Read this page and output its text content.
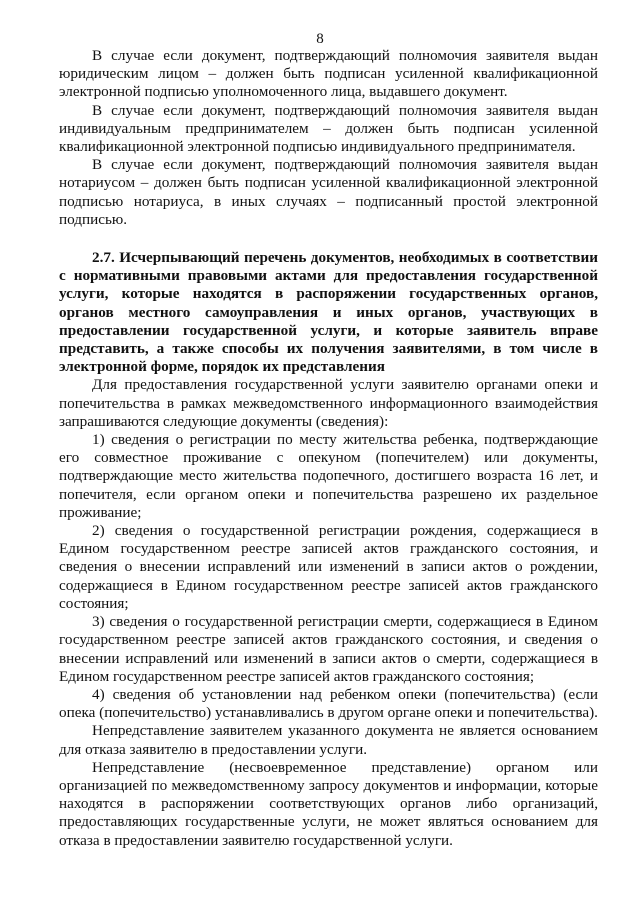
8

В случае если документ, подтверждающий полномочия заявителя выдан юридическим лицом – должен быть подписан усиленной квалификационной электронной подписью уполномоченного лица, выдавшего документ.

В случае если документ, подтверждающий полномочия заявителя выдан индивидуальным предпринимателем – должен быть подписан усиленной квалификационной электронной подписью индивидуального предпринимателя.

В случае если документ, подтверждающий полномочия заявителя выдан нотариусом – должен быть подписан усиленной квалификационной электронной подписью нотариуса, в иных случаях – подписанный простой электронной подписью.

2.7. Исчерпывающий перечень документов, необходимых в соответствии с нормативными правовыми актами для предоставления государственной услуги, которые находятся в распоряжении государственных органов, органов местного самоуправления и иных органов, участвующих в предоставлении государственной услуги, и которые заявитель вправе представить, а также способы их получения заявителями, в том числе в электронной форме, порядок их представления

Для предоставления государственной услуги заявителю органами опеки и попечительства в рамках межведомственного информационного взаимодействия запрашиваются следующие документы (сведения):

1) сведения о регистрации по месту жительства ребенка, подтверждающие его совместное проживание с опекуном (попечителем) или документы, подтверждающие место жительства подопечного, достигшего возраста 16 лет, и попечителя, если органом опеки и попечительства разрешено их раздельное проживание;

2) сведения о государственной регистрации рождения, содержащиеся в Едином государственном реестре записей актов гражданского состояния, и сведения о внесении исправлений или изменений в записи актов о рождении, содержащиеся в Едином государственном реестре записей актов гражданского состояния;

3) сведения о государственной регистрации смерти, содержащиеся в Едином государственном реестре записей актов гражданского состояния, и сведения о внесении исправлений или изменений в записи актов о смерти, содержащиеся в Едином государственном реестре записей актов гражданского состояния;

4) сведения об установлении над ребенком опеки (попечительства) (если опека (попечительство) устанавливались в другом органе опеки и попечительства).

Непредставление заявителем указанного документа не является основанием для отказа заявителю в предоставлении услуги.

Непредставление (несвоевременное представление) органом или организацией по межведомственному запросу документов и информации, которые находятся в распоряжении соответствующих органов либо организаций, предоставляющих государственные услуги, не может являться основанием для отказа в предоставлении заявителю государственной услуги.
